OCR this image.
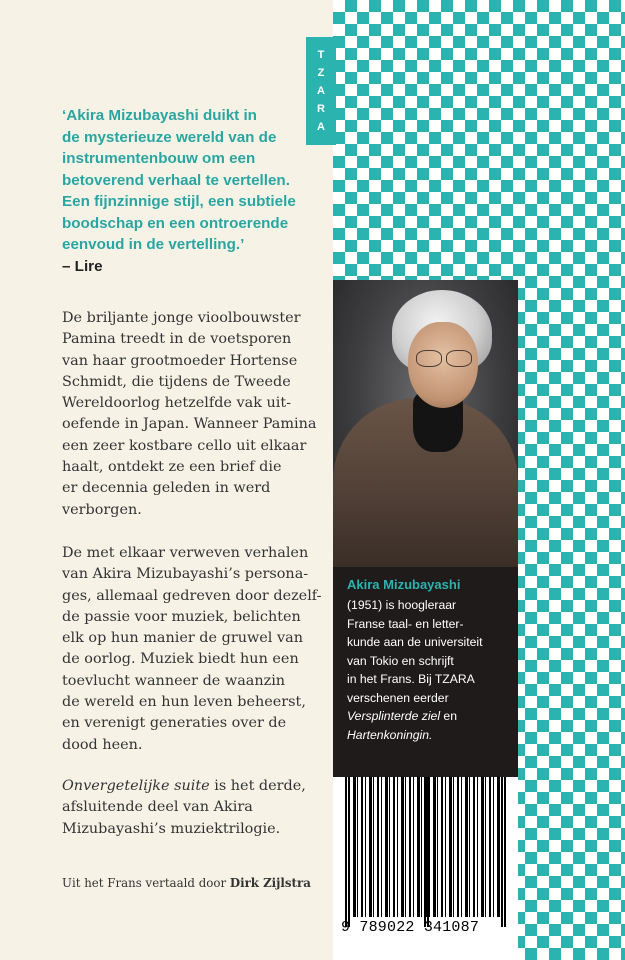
T
Z
A
R
A
‘Akira Mizubayashi duikt in
de mysterieuze wereld van de
instrumentenbouw om een
betoverend verhaal te vertellen.
Een fijnzinnige stijl, een subtiele
boodschap en een ontroerende
eenvoud in de vertelling.’
– Lire
De briljante jonge vioolbouwster
Pamina treedt in de voetsporen
van haar grootmoeder Hortense
Schmidt, die tijdens de Tweede
Wereldoorlog hetzelfde vak uit-
oefende in Japan. Wanneer Pamina
een zeer kostbare cello uit elkaar
haalt, ontdekt ze een brief die
er decennia geleden in werd
verborgen.
De met elkaar verweven verhalen
van Akira Mizubayashi’s persona-
ges, allemaal gedreven door dezelf-
de passie voor muziek, belichten
elk op hun manier de gruwel van
de oorlog. Muziek biedt hun een
toevlucht wanneer de waanzin
de wereld en hun leven beheerst,
en verenigt generaties over de
dood heen.
Onvergetelijke suite is het derde,
afsluitende deel van Akira
Mizubayashi’s muziektrilogie.
Uit het Frans vertaald door Dirk Zijlstra
Akira Mizubayashi
(1951) is hoogleraar
Franse taal- en letter-
kunde aan de universiteit
van Tokio en schrijft
in het Frans. Bij TZARA
verschenen eerder
Versplinterde ziel en
Hartenkoningin.
9 789022 341087
